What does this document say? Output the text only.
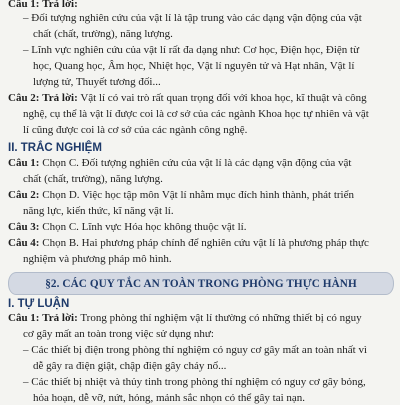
Câu 1: Trả lời:
– Đối tượng nghiên cứu của vật lí là tập trung vào các dạng vận động của vật
chất (chất, trường), năng lượng.
– Lĩnh vực nghiên cứu của vật lí rất đa dạng như: Cơ học, Điện học, Điện từ
học, Quang học, Âm học, Nhiệt học, Vật lí nguyên tử và Hạt nhân, Vật lí
lượng tử, Thuyết tương đối...
Câu 2: Trả lời: Vật lí có vai trò rất quan trọng đối với khoa học, kĩ thuật và công
nghệ, cụ thể là vật lí được coi là cơ sở của các ngành Khoa học tự nhiên và vật
lí cũng được coi là cơ sở của các ngành công nghệ.
II. TRẮC NGHIỆM
Câu 1: Chọn C. Đối tượng nghiên cứu của vật lí là các dạng vận động của vật
chất (chất, trường), năng lượng.
Câu 2: Chọn D. Việc học tập môn Vật lí nhằm mục đích hình thành, phát triển
năng lực, kiến thức, kĩ năng vật lí.
Câu 3: Chọn C. Lĩnh vực Hóa học không thuộc vật lí.
Câu 4: Chọn B. Hai phương pháp chính để nghiên cứu vật lí là phương pháp thực
nghiệm và phương pháp mô hình.
§2. CÁC QUY TẮC AN TOÀN TRONG PHÒNG THỰC HÀNH
I. TỰ LUẬN
Câu 1: Trả lời: Trong phòng thí nghiệm vật lí thường có những thiết bị có nguy
cơ gây mất an toàn trong việc sử dụng như:
– Các thiết bị điện trong phòng thí nghiệm có nguy cơ gây mất an toàn nhất vì
dễ gây ra điện giật, chập điện gây cháy nổ...
– Các thiết bị nhiệt và thủy tinh trong phòng thí nghiệm có nguy cơ gây bỏng,
hỏa hoạn, dễ vỡ, nứt, hỏng, mảnh sắc nhọn có thể gây tai nạn.
